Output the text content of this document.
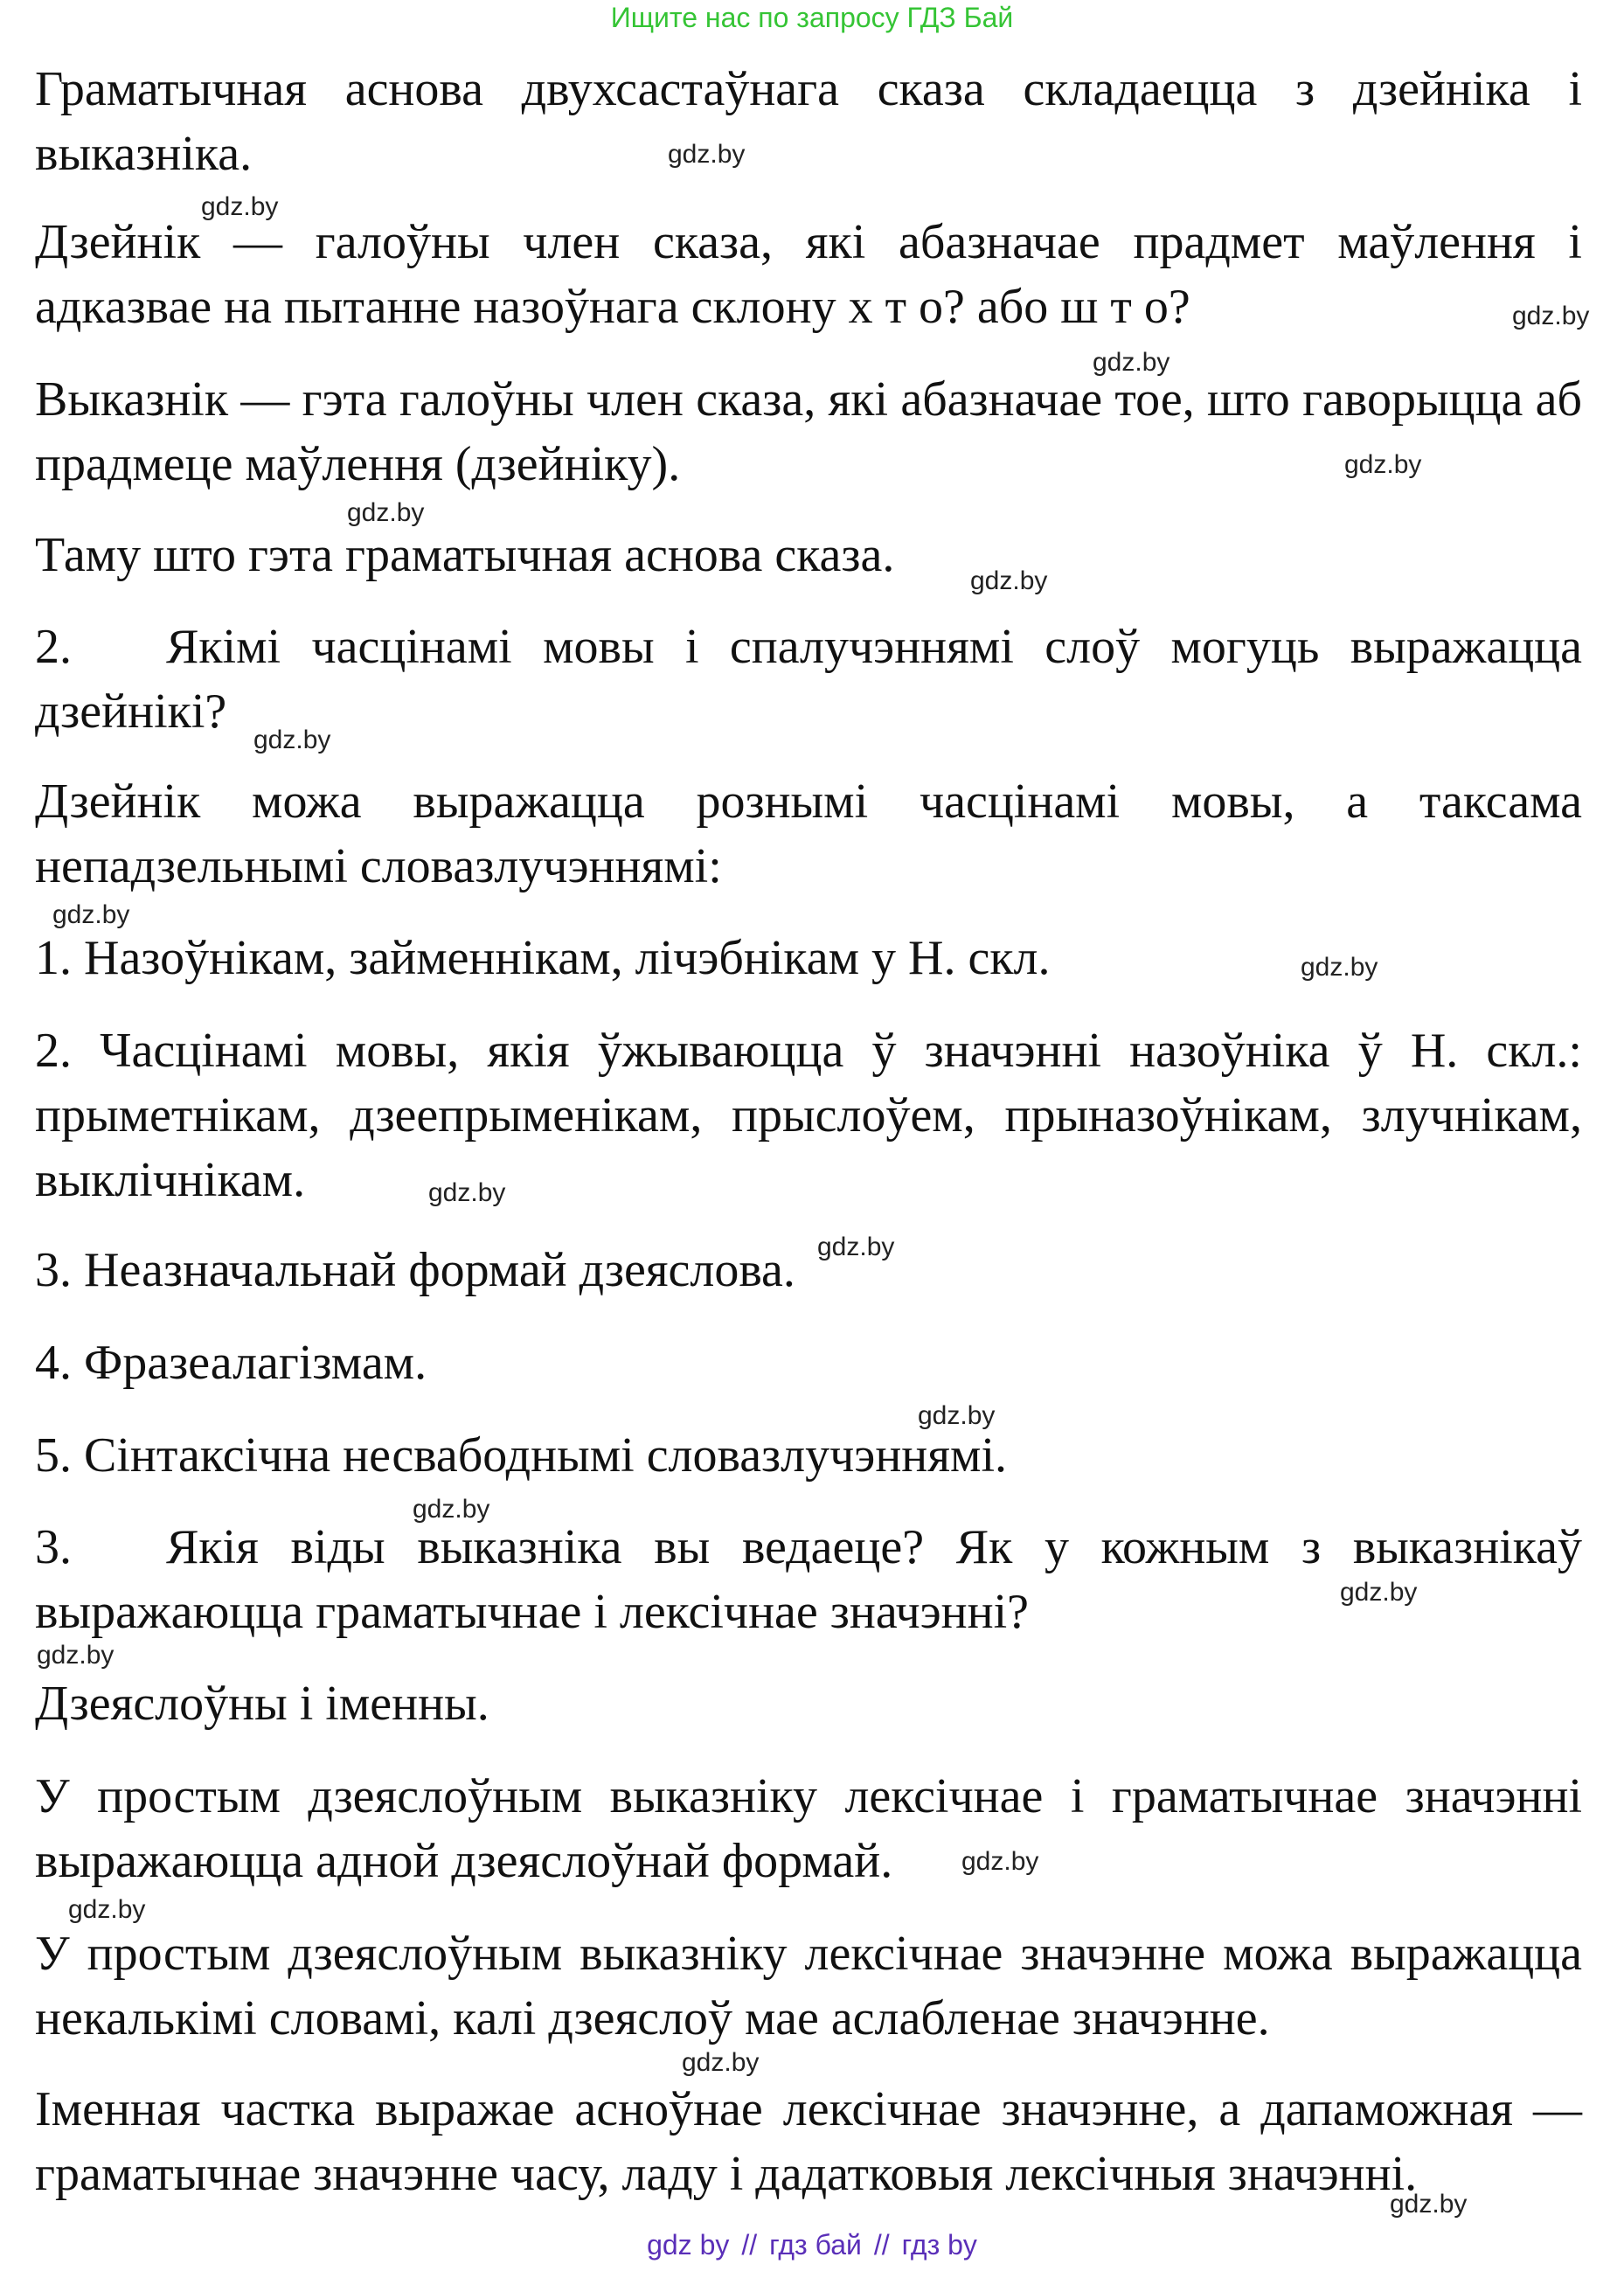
Ищите нас по запросу ГДЗ Бай

Граматычная аснова двухсастаўнага сказа складаецца з дзейніка і выказніка.

Дзейнік — галоўны член сказа, які абазначае прадмет маўлення і адказвае на пытанне назоўнага склону х т о? або ш т о?

Выказнік — гэта галоўны член сказа, які абазначае тое, што гаворыцца аб прадмеце маўлення (дзейніку).

Таму што гэта граматычная аснова сказа.

2. Якімі часцінамі мовы і спалучэннямі слоў могуць выражацца дзейнікі?

Дзейнік можа выражацца рознымі часцінамі мовы, а таксама непадзельнымі словазлучэннямі:

1. Назоўнікам, займеннікам, лічэбнікам у Н. скл.

2. Часцінамі мовы, якія ўжываюцца ў значэнні назоўніка ў Н. скл.: прыметнікам, дзеепрыменікам, прыслоўем, прыназоўнікам, злучнікам, выклічнікам.

3. Неазначальнай формай дзеяслова.

4. Фразеалагізмам.

5. Сінтаксічна несвабоднымі словазлучэннямі.

3. Якія віды выказніка вы ведаеце? Як у кожным з выказнікаў выражаюцца граматычнае і лексічнае значэнні?

Дзеяслоўны і іменны.

У простым дзеяслоўным выказніку лексічнае і граматычнае значэнні выражаюцца адной дзеяслоўнай формай.

У простым дзеяслоўным выказніку лексічнае значэнне можа выражацца некалькімі словамі, калі дзеяслоў мае аслабленае значэнне.

Іменная частка выражае асноўнае лексічнае значэнне, а дапаможная — граматычнае значэнне часу, ладу і дадатковыя лексічныя значэнні.

gdz.by
gdz.by
gdz.by
gdz.by
gdz.by
gdz.by
gdz.by
gdz.by
gdz.by
gdz.by
gdz.by
gdz.by
gdz.by
gdz.by
gdz.by
gdz.by
gdz.by
gdz.by
gdz.by
gdz.by
gdz by // гдз бай // гдз by
